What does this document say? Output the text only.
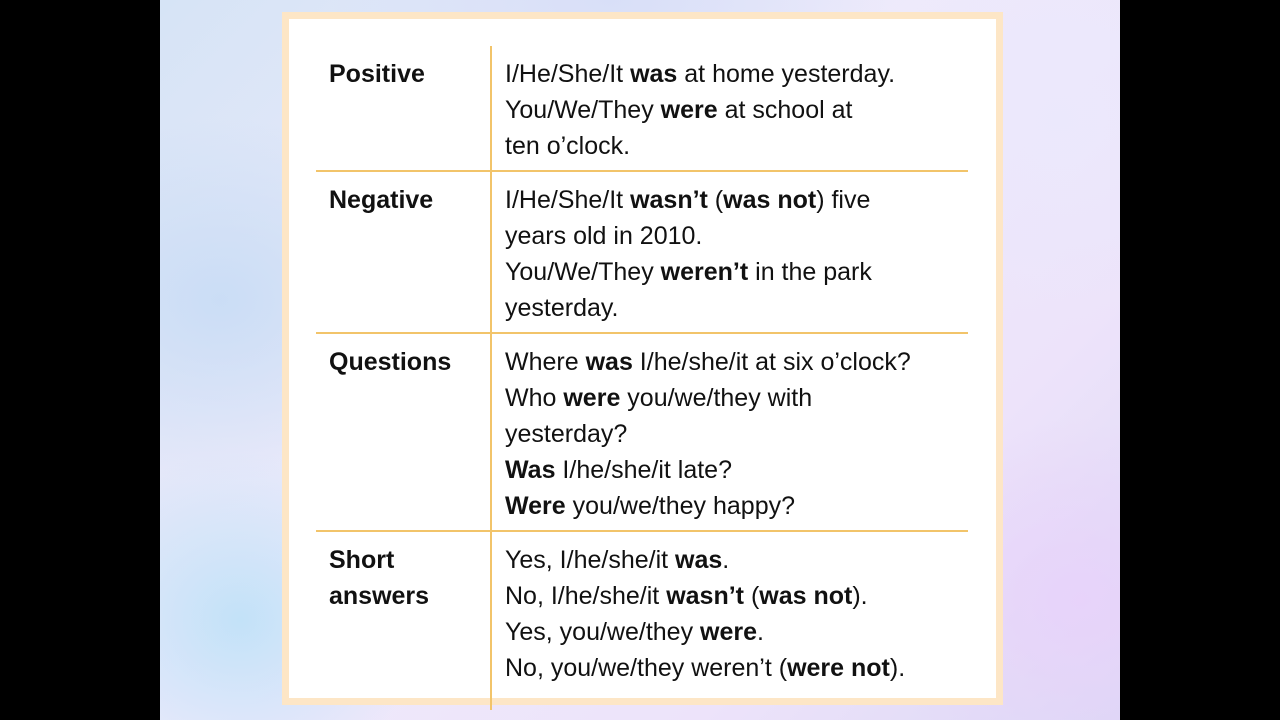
Positive	I/He/She/It was at home yesterday.
You/We/They were at school at
ten o’clock.

Negative	I/He/She/It wasn’t (was not) five
years old in 2010.
You/We/They weren’t in the park
yesterday.

Questions	Where was I/he/she/it at six o’clock?
Who were you/we/they with
yesterday?
Was I/he/she/it late?
Were you/we/they happy?

Short
answers	Yes, I/he/she/it was.
No, I/he/she/it wasn’t (was not).
Yes, you/we/they were.
No, you/we/they weren’t (were not).
